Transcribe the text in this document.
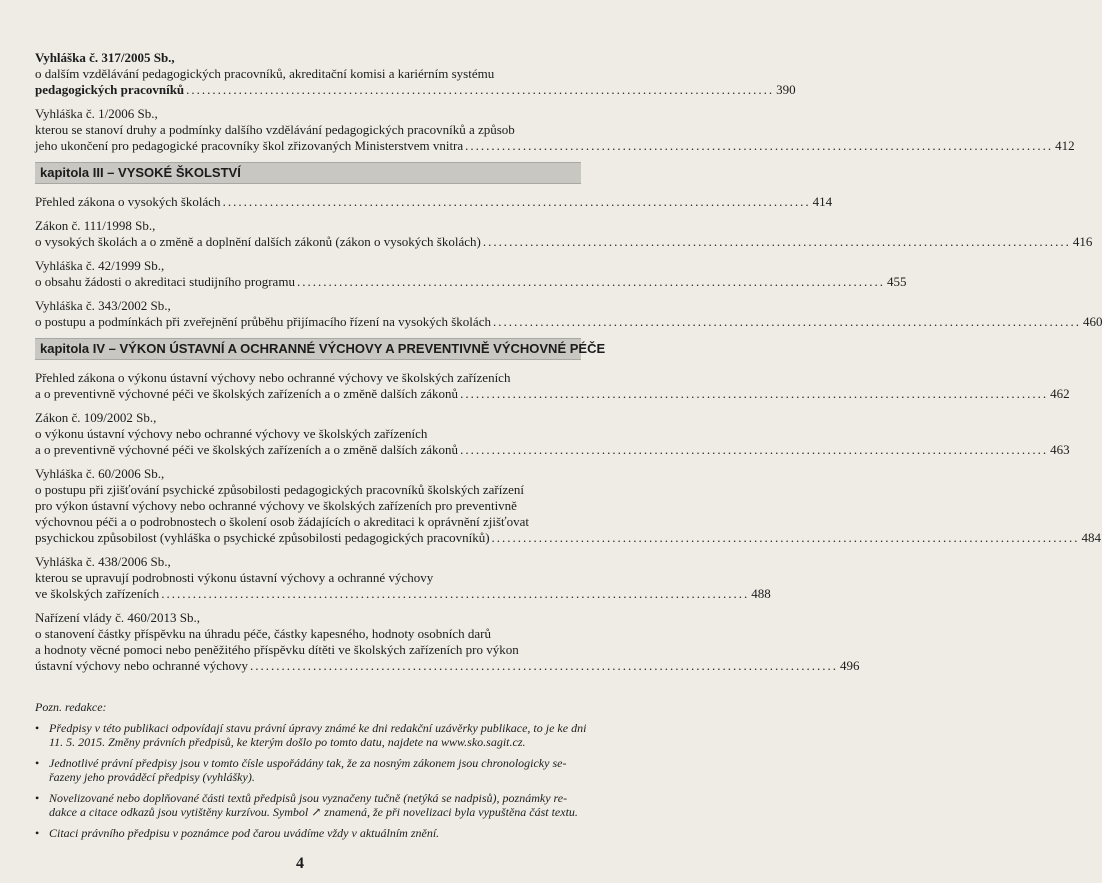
Vyhláška č. 317/2005 Sb.,
o dalším vzdělávání pedagogických pracovníků, akreditační komisi a kariérním systému
pedagogických pracovníků ................................................................................................................ 390
Vyhláška č. 1/2006 Sb.,
kterou se stanoví druhy a podmínky dalšího vzdělávání pedagogických pracovníků a způsob
jeho ukončení pro pedagogické pracovníky škol zřizovaných Ministerstvem vnitra ................................................................................................................ 412
kapitola III – VYSOKÉ ŠKOLSTVÍ
Přehled zákona o vysokých školách ................................................................................................................ 414
Zákon č. 111/1998 Sb.,
o vysokých školách a o změně a doplnění dalších zákonů (zákon o vysokých školách) ................................................................................................................ 416
Vyhláška č. 42/1999 Sb.,
o obsahu žádosti o akreditaci studijního programu ................................................................................................................ 455
Vyhláška č. 343/2002 Sb.,
o postupu a podmínkách při zveřejnění průběhu přijímacího řízení na vysokých školách ................................................................................................................ 460
kapitola IV – VÝKON ÚSTAVNÍ A OCHRANNÉ VÝCHOVY A PREVENTIVNĚ VÝCHOVNÉ PÉČE
Přehled zákona o výkonu ústavní výchovy nebo ochranné výchovy ve školských zařízeních
a o preventivně výchovné péči ve školských zařízeních a o změně dalších zákonů ................................................................................................................ 462
Zákon č. 109/2002 Sb.,
o výkonu ústavní výchovy nebo ochranné výchovy ve školských zařízeních
a o preventivně výchovné péči ve školských zařízeních a o změně dalších zákonů ................................................................................................................ 463
Vyhláška č. 60/2006 Sb.,
o postupu při zjišťování psychické způsobilosti pedagogických pracovníků školských zařízení
pro výkon ústavní výchovy nebo ochranné výchovy ve školských zařízeních pro preventivně
výchovnou péči a o podrobnostech o školení osob žádajících o akreditaci k oprávnění zjišťovat
psychickou způsobilost (vyhláška o psychické způsobilosti pedagogických pracovníků) ................................................................................................................ 484
Vyhláška č. 438/2006 Sb.,
kterou se upravují podrobnosti výkonu ústavní výchovy a ochranné výchovy
ve školských zařízeních ................................................................................................................ 488
Nařízení vlády č. 460/2013 Sb.,
o stanovení částky příspěvku na úhradu péče, částky kapesného, hodnoty osobních darů
a hodnoty věcné pomoci nebo peněžitého příspěvku dítěti ve školských zařízeních pro výkon
ústavní výchovy nebo ochranné výchovy ................................................................................................................ 496
Pozn. redakce:
• Předpisy v této publikaci odpovídají stavu právní úpravy známé ke dni redakční uzávěrky publikace, to je ke dni
11. 5. 2015. Změny právních předpisů, ke kterým došlo po tomto datu, najdete na www.sko.sagit.cz.
• Jednotlivé právní předpisy jsou v tomto čísle uspořádány tak, že za nosným zákonem jsou chronologicky se-
řazeny jeho prováděcí předpisy (vyhlášky).
• Novelizované nebo doplňované části textů předpisů jsou vyznačeny tučně (netýká se nadpisů), poznámky re-
dakce a citace odkazů jsou vytištěny kurzívou. Symbol ↗ znamená, že při novelizaci byla vypuštěna část textu.
• Citaci právního předpisu v poznámce pod čarou uvádíme vždy v aktuálním znění.
4
